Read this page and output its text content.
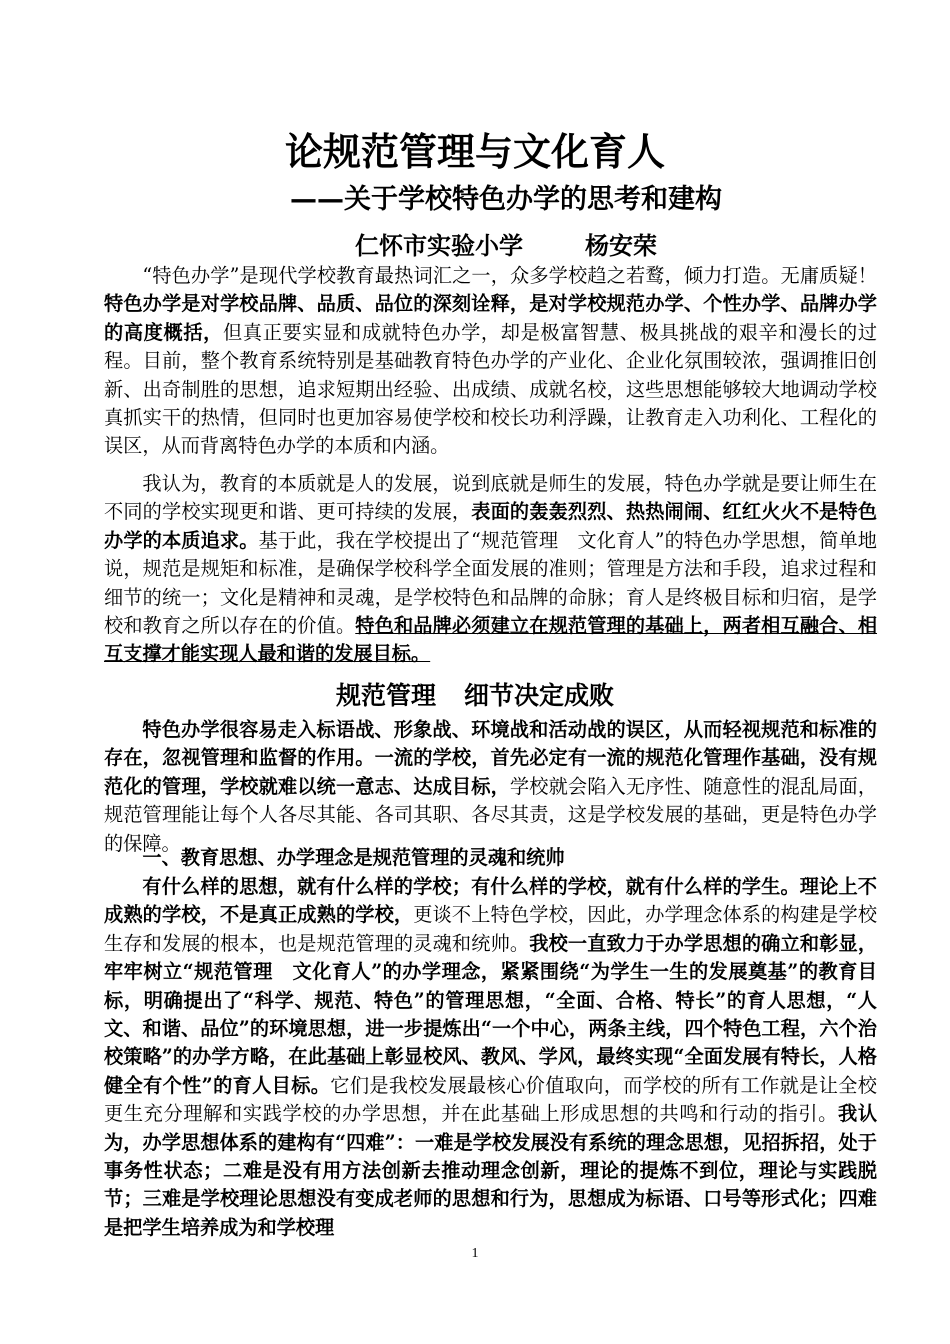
论规范管理与文化育人
——关于学校特色办学的思考和建构
仁怀市实验小学	杨安荣

“特色办学”是现代学校教育最热词汇之一，众多学校趋之若鹜，倾力打造。无庸质疑！特色办学是对学校品牌、品质、品位的深刻诠释，是对学校规范办学、个性办学、品牌办学的高度概括，但真正要实显和成就特色办学，却是极富智慧、极具挑战的艰辛和漫长的过程。目前，整个教育系统特别是基础教育特色办学的产业化、企业化氛围较浓，强调推旧创新、出奇制胜的思想，追求短期出经验、出成绩、成就名校，这些思想能够较大地调动学校真抓实干的热情，但同时也更加容易使学校和校长功利浮躁，让教育走入功利化、工程化的误区，从而背离特色办学的本质和内涵。

我认为，教育的本质就是人的发展，说到底就是师生的发展，特色办学就是要让师生在不同的学校实现更和谐、更可持续的发展，表面的轰轰烈烈、热热闹闹、红红火火不是特色办学的本质追求。基于此，我在学校提出了“规范管理　文化育人”的特色办学思想，简单地说，规范是规矩和标准，是确保学校科学全面发展的准则；管理是方法和手段，追求过程和细节的统一；文化是精神和灵魂，是学校特色和品牌的命脉；育人是终极目标和归宿，是学校和教育之所以存在的价值。特色和品牌必须建立在规范管理的基础上，两者相互融合、相互支撑才能实现人最和谐的发展目标。

规范管理 细节决定成败

特色办学很容易走入标语战、形象战、环境战和活动战的误区，从而轻视规范和标准的存在，忽视管理和监督的作用。一流的学校，首先必定有一流的规范化管理作基础，没有规范化的管理，学校就难以统一意志、达成目标，学校就会陷入无序性、随意性的混乱局面，规范管理能让每个人各尽其能、各司其职、各尽其责，这是学校发展的基础，更是特色办学的保障。

一、教育思想、办学理念是规范管理的灵魂和统帅

有什么样的思想，就有什么样的学校；有什么样的学校，就有什么样的学生。理论上不成熟的学校，不是真正成熟的学校，更谈不上特色学校，因此，办学理念体系的构建是学校生存和发展的根本，也是规范管理的灵魂和统帅。我校一直致力于办学思想的确立和彰显，牢牢树立“规范管理　文化育人”的办学理念，紧紧围绕“为学生一生的发展奠基”的教育目标，明确提出了“科学、规范、特色”的管理思想，“全面、合格、特长”的育人思想，“人文、和谐、品位”的环境思想，进一步提炼出“一个中心，两条主线，四个特色工程，六个治校策略”的办学方略，在此基础上彰显校风、教风、学风，最终实现“全面发展有特长，人格健全有个性”的育人目标。它们是我校发展最核心价值取向，而学校的所有工作就是让全校更生充分理解和实践学校的办学思想，并在此基础上形成思想的共鸣和行动的指引。我认为，办学思想体系的建构有“四难”：一难是学校发展没有系统的理念思想，见招拆招，处于事务性状态；二难是没有用方法创新去推动理念创新，理论的提炼不到位，理论与实践脱节；三难是学校理论思想没有变成老师的思想和行为，思想成为标语、口号等形式化；四难是把学生培养成为和学校理

1
